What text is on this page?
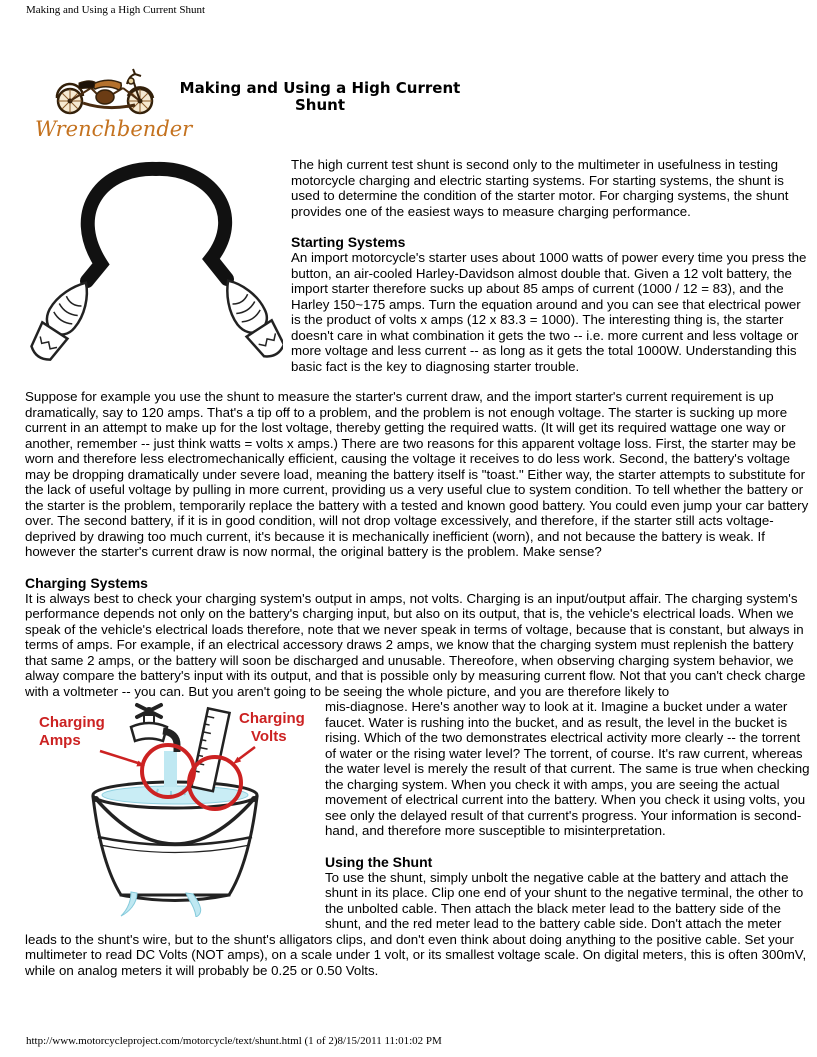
Making and Using a High Current Shunt
Wrenchbender
Making and Using a High Current
Shunt

The high current test shunt is second only to the multimeter in usefulness in testing motorcycle charging and electric starting systems. For starting systems, the shunt is used to determine the condition of the starter motor. For charging systems, the shunt provides one of the easiest ways to measure charging performance.

Starting Systems

An import motorcycle's starter uses about 1000 watts of power every time you press the button, an air-cooled Harley-Davidson almost double that. Given a 12 volt battery, the import starter therefore sucks up about 85 amps of current (1000 / 12 = 83), and the Harley 150~175 amps. Turn the equation around and you can see that electrical power is the product of volts x amps (12 x 83.3 = 1000). The interesting thing is, the starter doesn't care in what combination it gets the two -- i.e. more current and less voltage or more voltage and less current -- as long as it gets the total 1000W. Understanding this basic fact is the key to diagnosing starter trouble.

Suppose for example you use the shunt to measure the starter's current draw, and the import starter's current requirement is up dramatically, say to 120 amps. That's a tip off to a problem, and the problem is not enough voltage. The starter is sucking up more current in an attempt to make up for the lost voltage, thereby getting the required watts. (It will get its required wattage one way or another, remember -- just think watts = volts x amps.) There are two reasons for this apparent voltage loss. First, the starter may be worn and therefore less electromechanically efficient, causing the voltage it receives to do less work. Second, the battery's voltage may be dropping dramatically under severe load, meaning the battery itself is "toast." Either way, the starter attempts to substitute for the lack of useful voltage by pulling in more current, providing us a very useful clue to system condition. To tell whether the battery or the starter is the problem, temporarily replace the battery with a tested and known good battery. You could even jump your car battery over. The second battery, if it is in good condition, will not drop voltage excessively, and therefore, if the starter still acts voltage-deprived by drawing too much current, it's because it is mechanically inefficient (worn), and not because the battery is weak. If however the starter's current draw is now normal, the original battery is the problem. Make sense?

Charging Systems

It is always best to check your charging system's output in amps, not volts. Charging is an input/output affair. The charging system's performance depends not only on the battery's charging input, but also on its output, that is, the vehicle's electrical loads. When we speak of the vehicle's electrical loads therefore, note that we never speak in terms of voltage, because that is constant, but always in terms of amps. For example, if an electrical accessory draws 2 amps, we know that the charging system must replenish the battery that same 2 amps, or the battery will soon be discharged and unusable. Thereofore, when observing charging system behavior, we alway compare the battery's input with its output, and that is possible only by measuring current flow. Not that you can't check charge with a voltmeter -- you can. But you aren't going to be seeing the whole picture, and you are therefore likely to

Charging
Amps
Charging
Volts

mis-diagnose. Here's another way to look at it. Imagine a bucket under a water faucet. Water is rushing into the bucket, and as result, the level in the bucket is rising. Which of the two demonstrates electrical activity more clearly -- the torrent of water or the rising water level? The torrent, of course. It's raw current, whereas the water level is merely the result of that current. The same is true when checking the charging system. When you check it with amps, you are seeing the actual movement of electrical current into the battery. When you check it using volts, you see only the delayed result of that current's progress. Your information is second-hand, and therefore more susceptible to misinterpretation.

Using the Shunt

To use the shunt, simply unbolt the negative cable at the battery and attach the shunt in its place. Clip one end of your shunt to the negative terminal, the other to the unbolted cable. Then attach the black meter lead to the battery side of the shunt, and the red meter lead to the battery cable side. Don't attach the meter leads to the shunt's wire, but to the shunt's alligators clips, and don't even think about doing anything to the positive cable. Set your multimeter to read DC Volts (NOT amps), on a scale under 1 volt, or its smallest voltage scale. On digital meters, this is often 300mV, while on analog meters it will probably be 0.25 or 0.50 Volts.

http://www.motorcycleproject.com/motorcycle/text/shunt.html (1 of 2)8/15/2011 11:01:02 PM
